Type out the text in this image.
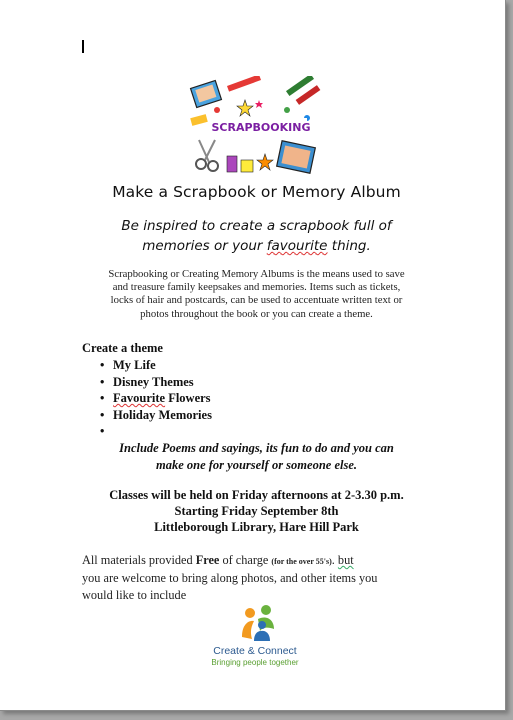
SCRAPBOOKING
Make a Scrapbook or Memory Album
Be inspired to create a scrapbook full of
memories or your favourite thing.
Scrapbooking or Creating Memory Albums is the means used to save
and treasure family keepsakes and memories. Items such as tickets,
locks of hair and postcards, can be used to accentuate written text or
photos throughout the book or you can create a theme.
Create a theme
• My Life
• Disney Themes
• Favourite Flowers
• Holiday Memories
•
Include Poems and sayings, its fun to do and you can
make one for yourself or someone else.
Classes will be held on Friday afternoons at 2-3.30 p.m.
Starting Friday September 8th
Littleborough Library, Hare Hill Park
All materials provided Free of charge (for the over 55's). but
you are welcome to bring along photos, and other items you
would like to include
Create & Connect
Bringing people together
